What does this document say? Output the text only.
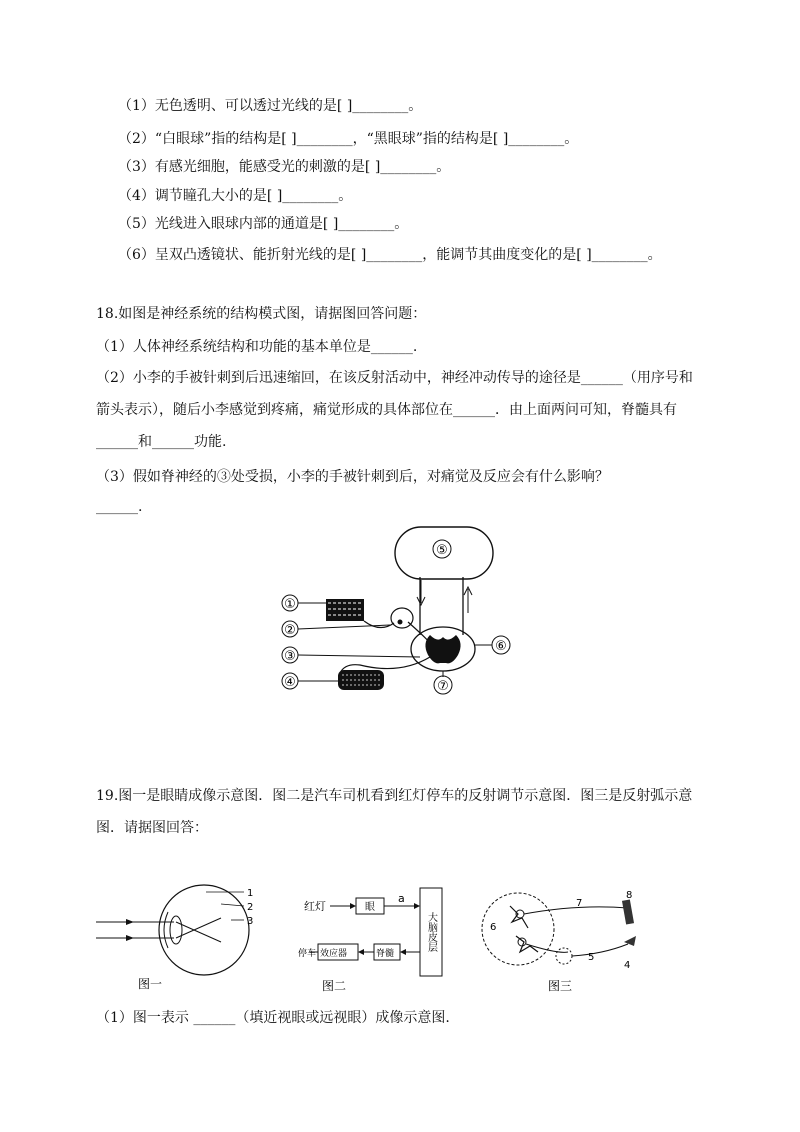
（1）无色透明、可以透过光线的是[ ]________。
（2）“白眼球”指的结构是[ ]________，“黑眼球”指的结构是[ ]________。
（3）有感光细胞，能感受光的刺激的是[ ]________。
（4）调节瞳孔大小的是[ ]________。
（5）光线进入眼球内部的通道是[ ]________。
（6）呈双凸透镜状、能折射光线的是[ ]________，能调节其曲度变化的是[ ]________。
18.如图是神经系统的结构模式图，请据图回答问题：
（1）人体神经系统结构和功能的基本单位是______.
（2）小李的手被针刺到后迅速缩回，在该反射活动中，神经冲动传导的途径是______（用序号和
箭头表示），随后小李感觉到疼痛，痛觉形成的具体部位在______．由上面两问可知，脊髓具有
______和______功能.
（3）假如脊神经的③处受损，小李的手被针刺到后，对痛觉及反应会有什么影响？
______.
⑤
①
②
③
④
⑥
⑦
19.图一是眼睛成像示意图．图二是汽车司机看到红灯停车的反射调节示意图．图三是反射弧示意
图．请据图回答：
1
2
3
图一
红灯	眼
a
大脑皮层
脊髓
效应器
停车
图二
8
7
6
5
4
图三
（1）图一表示 ______（填近视眼或远视眼）成像示意图.
